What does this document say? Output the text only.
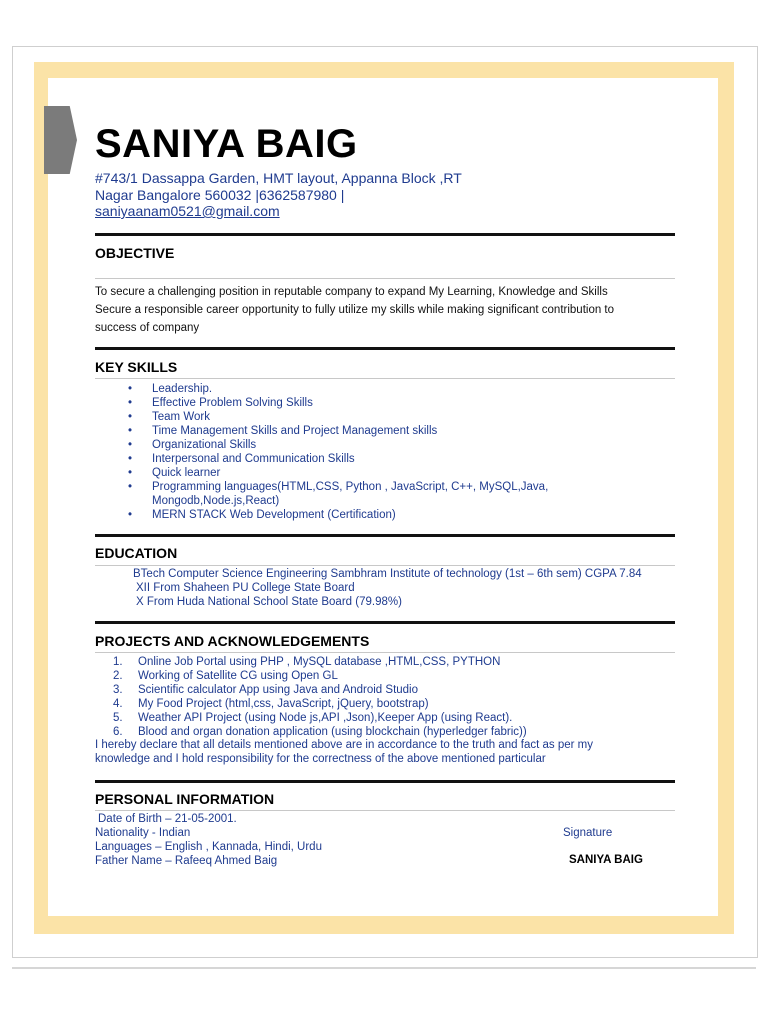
SANIYA BAIG
#743/1 Dassappa Garden, HMT layout, Appanna Block ,RT
Nagar Bangalore 560032 |6362587980 |
saniyaanam0521@gmail.com
OBJECTIVE
To secure a challenging position in reputable company to expand My Learning, Knowledge and Skills
Secure a responsible career opportunity to fully utilize my skills while making significant contribution to
success of company
KEY SKILLS
• Leadership.
• Effective Problem Solving Skills
• Team Work
• Time Management Skills and Project Management skills
• Organizational Skills
• Interpersonal and Communication Skills
• Quick learner
• Programming languages(HTML,CSS, Python , JavaScript, C++, MySQL,Java,
Mongodb,Node.js,React)
• MERN STACK Web Development (Certification)
EDUCATION
BTech Computer Science Engineering Sambhram Institute of technology (1st – 6th sem) CGPA 7.84
XII From Shaheen PU College State Board
X From Huda National School State Board (79.98%)
PROJECTS AND ACKNOWLEDGEMENTS
1. Online Job Portal using PHP , MySQL database ,HTML,CSS, PYTHON
2. Working of Satellite CG using Open GL
3. Scientific calculator App using Java and Android Studio
4. My Food Project (html,css, JavaScript, jQuery, bootstrap)
5. Weather API Project (using Node js,API ,Json),Keeper App (using React).
6. Blood and organ donation application (using blockchain (hyperledger fabric))
I hereby declare that all details mentioned above are in accordance to the truth and fact as per my
knowledge and I hold responsibility for the correctness of the above mentioned particular
PERSONAL INFORMATION
Date of Birth – 21-05-2001.
Nationality - Indian
Languages – English , Kannada, Hindi, Urdu
Father Name – Rafeeq Ahmed Baig
Signature
SANIYA BAIG
